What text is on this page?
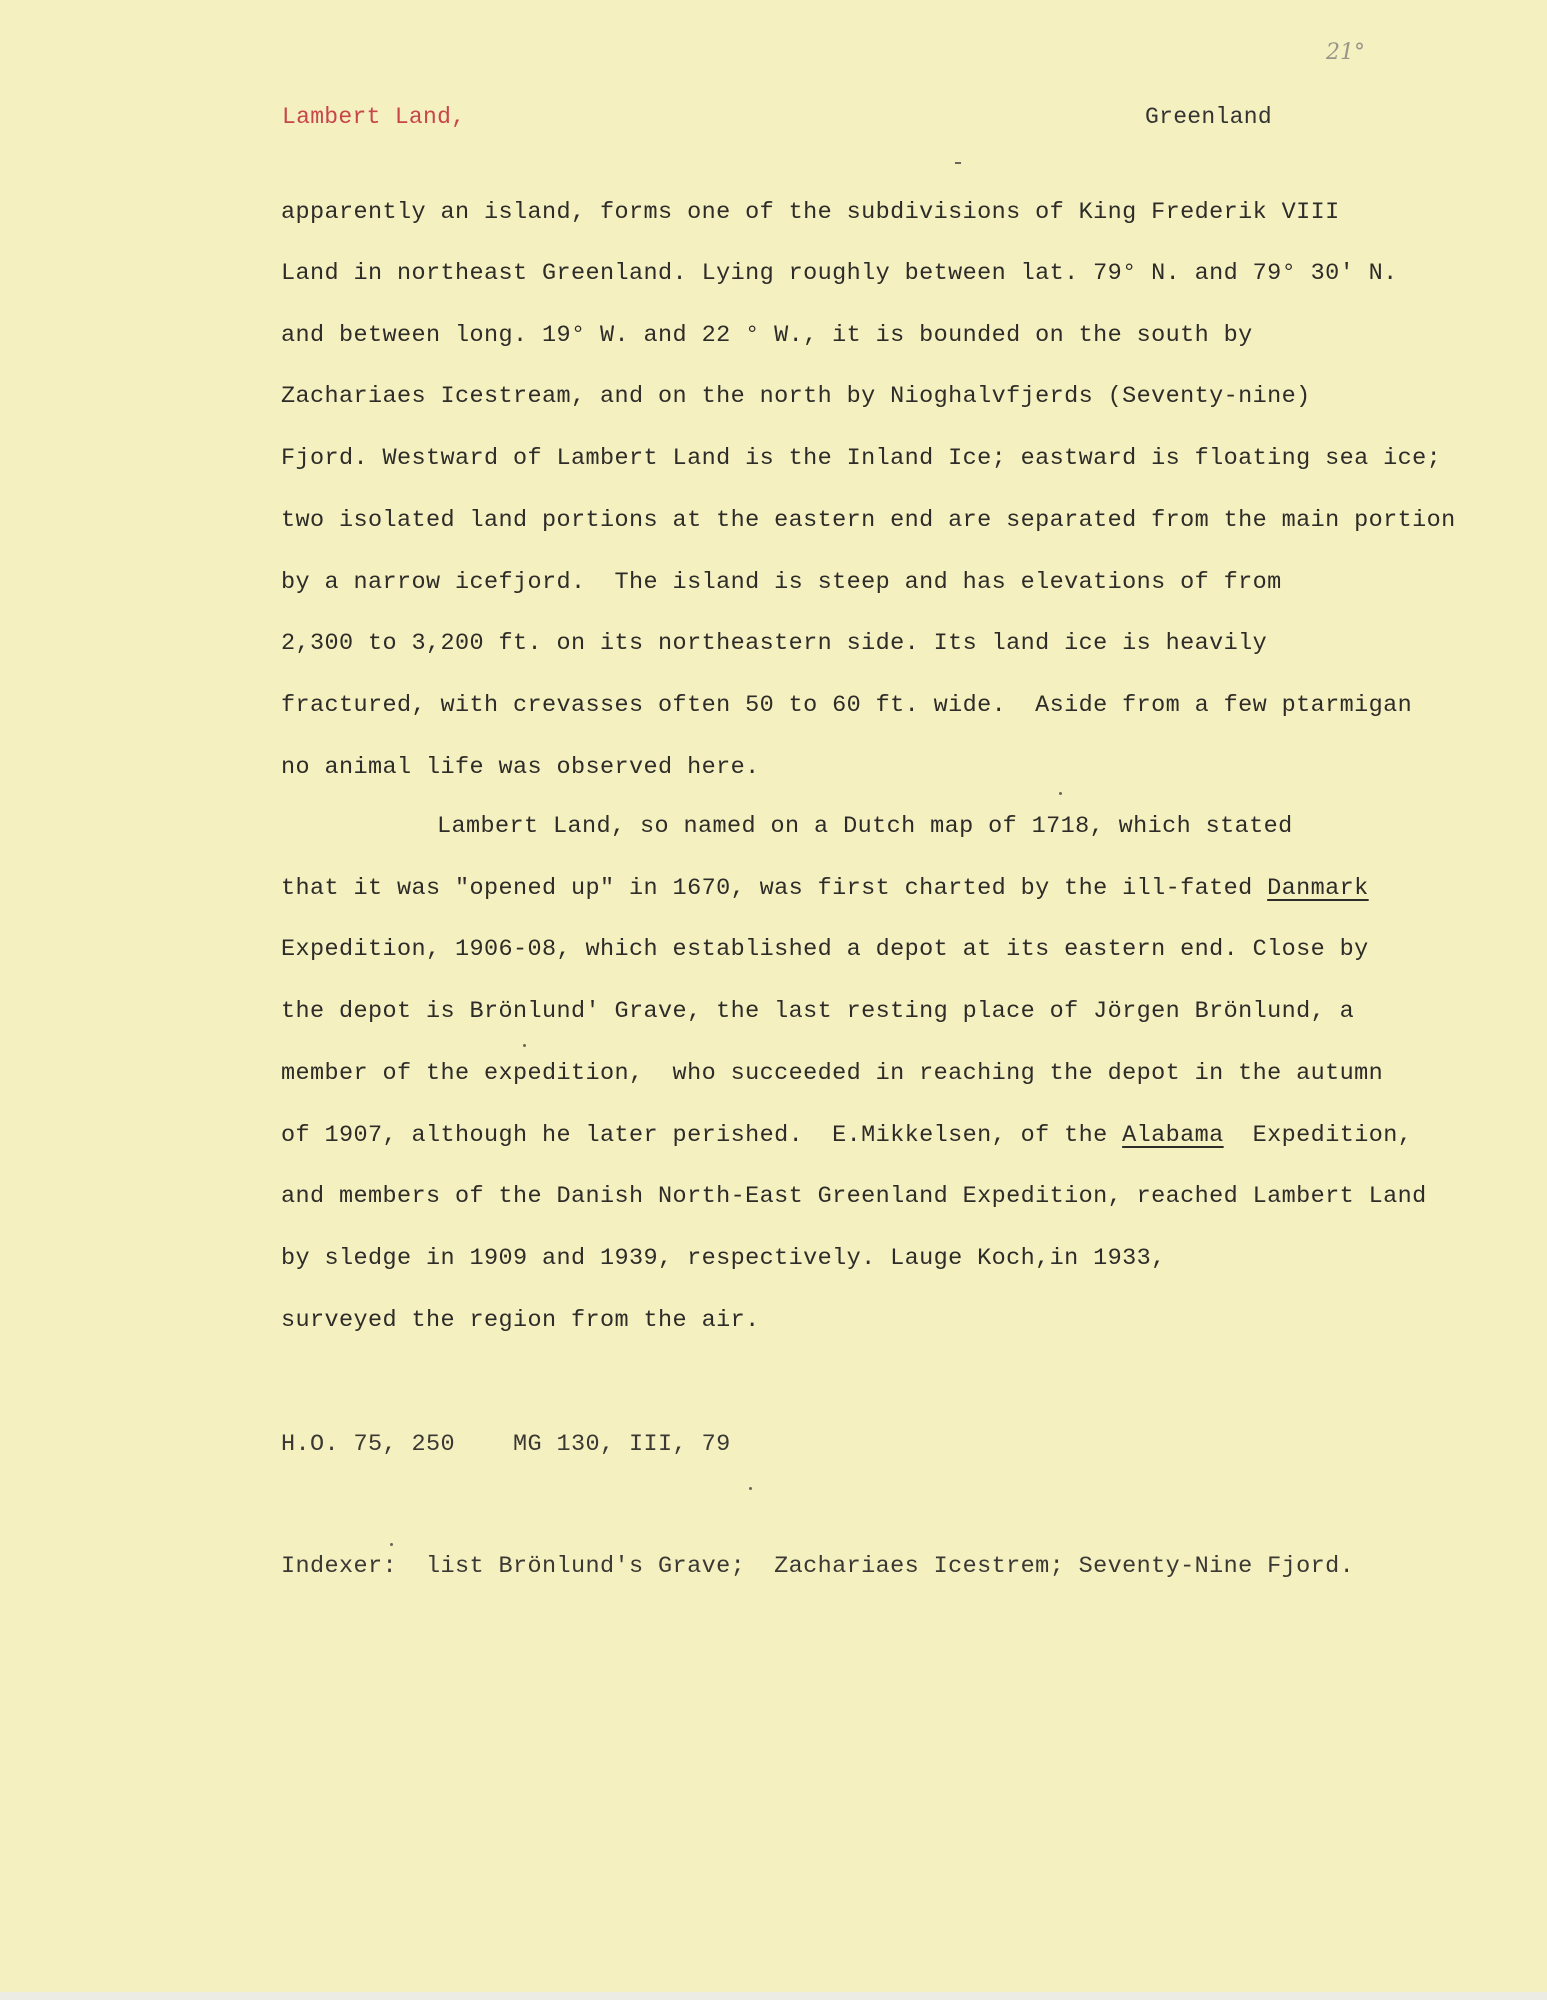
21°
Lambert Land,	Greenland
apparently an island, forms one of the subdivisions of King Frederik VIII
Land in northeast Greenland. Lying roughly between lat. 79° N. and 79° 30' N.
and between long. 19° W. and 22 ° W., it is bounded on the south by
Zachariaes Icestream, and on the north by Nioghalvfjerds (Seventy-nine)
Fjord. Westward of Lambert Land is the Inland Ice; eastward is floating sea ice;
two isolated land portions at the eastern end are separated from the main portion
by a narrow icefjord.  The island is steep and has elevations of from
2,300 to 3,200 ft. on its northeastern side. Its land ice is heavily
fractured, with crevasses often 50 to 60 ft. wide.  Aside from a few ptarmigan
no animal life was observed here.
Lambert Land, so named on a Dutch map of 1718, which stated
that it was "opened up" in 1670, was first charted by the ill-fated Danmark
Expedition, 1906-08, which established a depot at its eastern end. Close by
the depot is Brönlund' Grave, the last resting place of Jörgen Brönlund, a
member of the expedition,  who succeeded in reaching the depot in the autumn
of 1907, although he later perished.  E.Mikkelsen, of the Alabama  Expedition,
and members of the Danish North-East Greenland Expedition, reached Lambert Land
by sledge in 1909 and 1939, respectively. Lauge Koch,in 1933,
surveyed the region from the air.
H.O. 75, 250    MG 130, III, 79
Indexer:  list Brönlund's Grave;  Zachariaes Icestrem; Seventy-Nine Fjord.
